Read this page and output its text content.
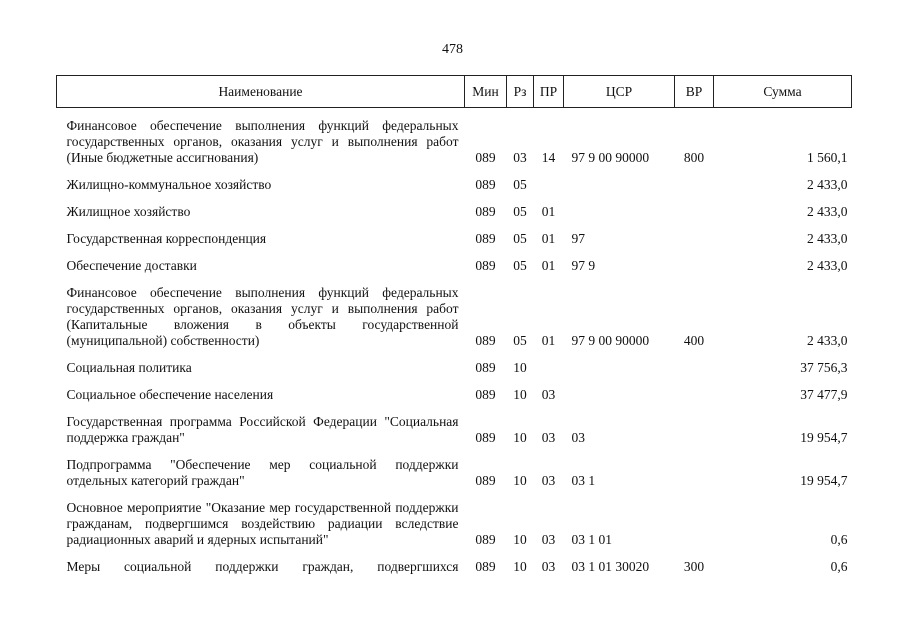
478
Наименование	Мин	Рз	ПР	ЦСР	ВР	Сумма
Финансовое обеспечение выполнения функций федеральных государственных органов, оказания услуг и выполнения работ (Иные бюджетные ассигнования)	089	03	14	97 9 00 90000	800	1 560,1
Жилищно-коммунальное хозяйство	089	05				2 433,0
Жилищное хозяйство	089	05	01			2 433,0
Государственная корреспонденция	089	05	01	97		2 433,0
Обеспечение доставки	089	05	01	97 9		2 433,0
Финансовое обеспечение выполнения функций федеральных государственных органов, оказания услуг и выполнения работ (Капитальные вложения в объекты государственной (муниципальной) собственности)	089	05	01	97 9 00 90000	400	2 433,0
Социальная политика	089	10				37 756,3
Социальное обеспечение населения	089	10	03			37 477,9
Государственная программа Российской Федерации "Социальная поддержка граждан"	089	10	03	03		19 954,7
Подпрограмма "Обеспечение мер социальной поддержки отдельных категорий граждан"	089	10	03	03 1		19 954,7
Основное мероприятие "Оказание мер государственной поддержки гражданам, подвергшимся воздействию радиации вследствие радиационных аварий и ядерных испытаний"	089	10	03	03 1 01		0,6
Меры социальной поддержки граждан, подвергшихся	089	10	03	03 1 01 30020	300	0,6
